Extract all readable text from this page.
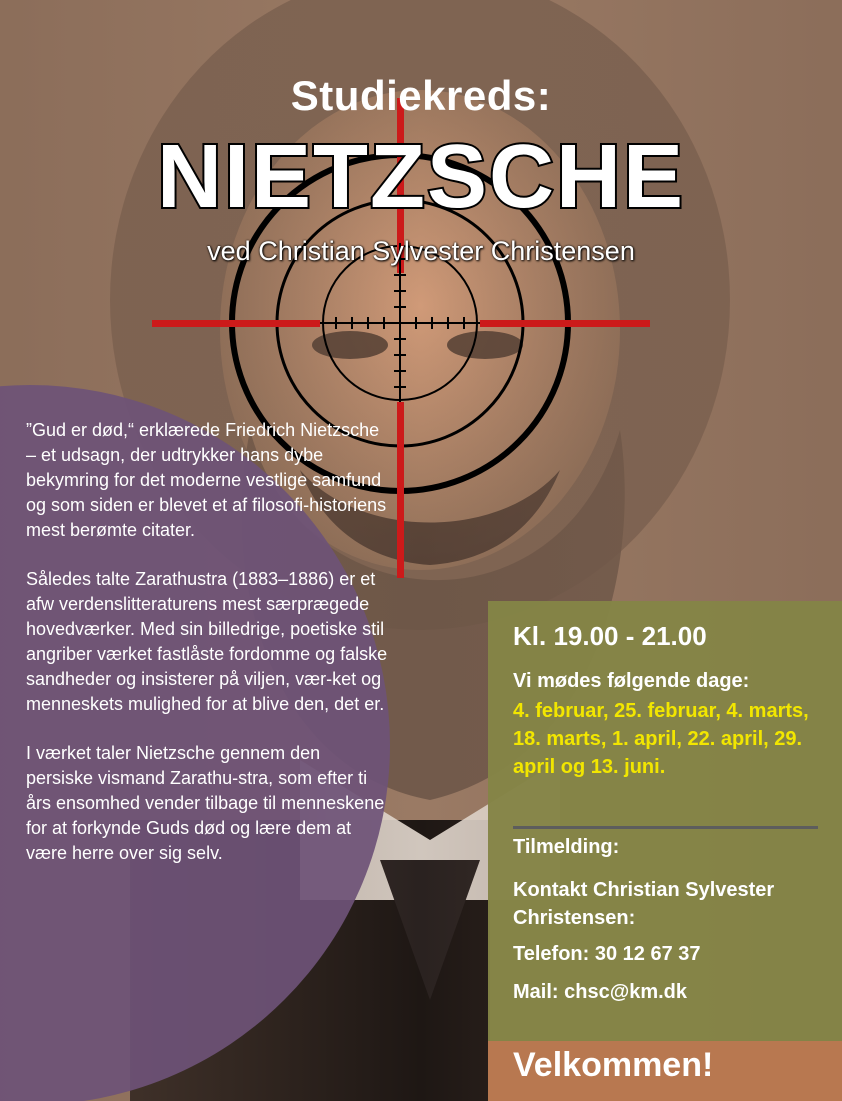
Studiekreds:
NIETZSCHE
ved Christian Sylvester Christensen

”Gud er død,“ erklærede Friedrich Nietzsche – et udsagn, der udtrykker hans dybe bekymring for det moderne vestlige samfund og som siden er blevet et af filosofi-historiens mest berømte citater.

Således talte Zarathustra (1883–1886) er et afw verdenslitteraturens mest særprægede hovedværker. Med sin billedrige, poetiske stil angriber værket fastlåste fordomme og falske sandheder og insisterer på viljen, vær-ket og menneskets mulighed for at blive den, det er.

I værket taler Nietzsche gennem den persiske vismand Zarathu-stra, som efter ti års ensomhed vender tilbage til menneskene for at forkynde Guds død og lære dem at være herre over sig selv.

Kl. 19.00 - 21.00
Vi mødes følgende dage:
4. februar, 25. februar, 4. marts, 18. marts, 1. april, 22. april, 29. april og 13. juni.
Tilmelding:
Kontakt Christian Sylvester Christensen:
Telefon: 30 12 67 37
Mail: chsc@km.dk
Velkommen!
